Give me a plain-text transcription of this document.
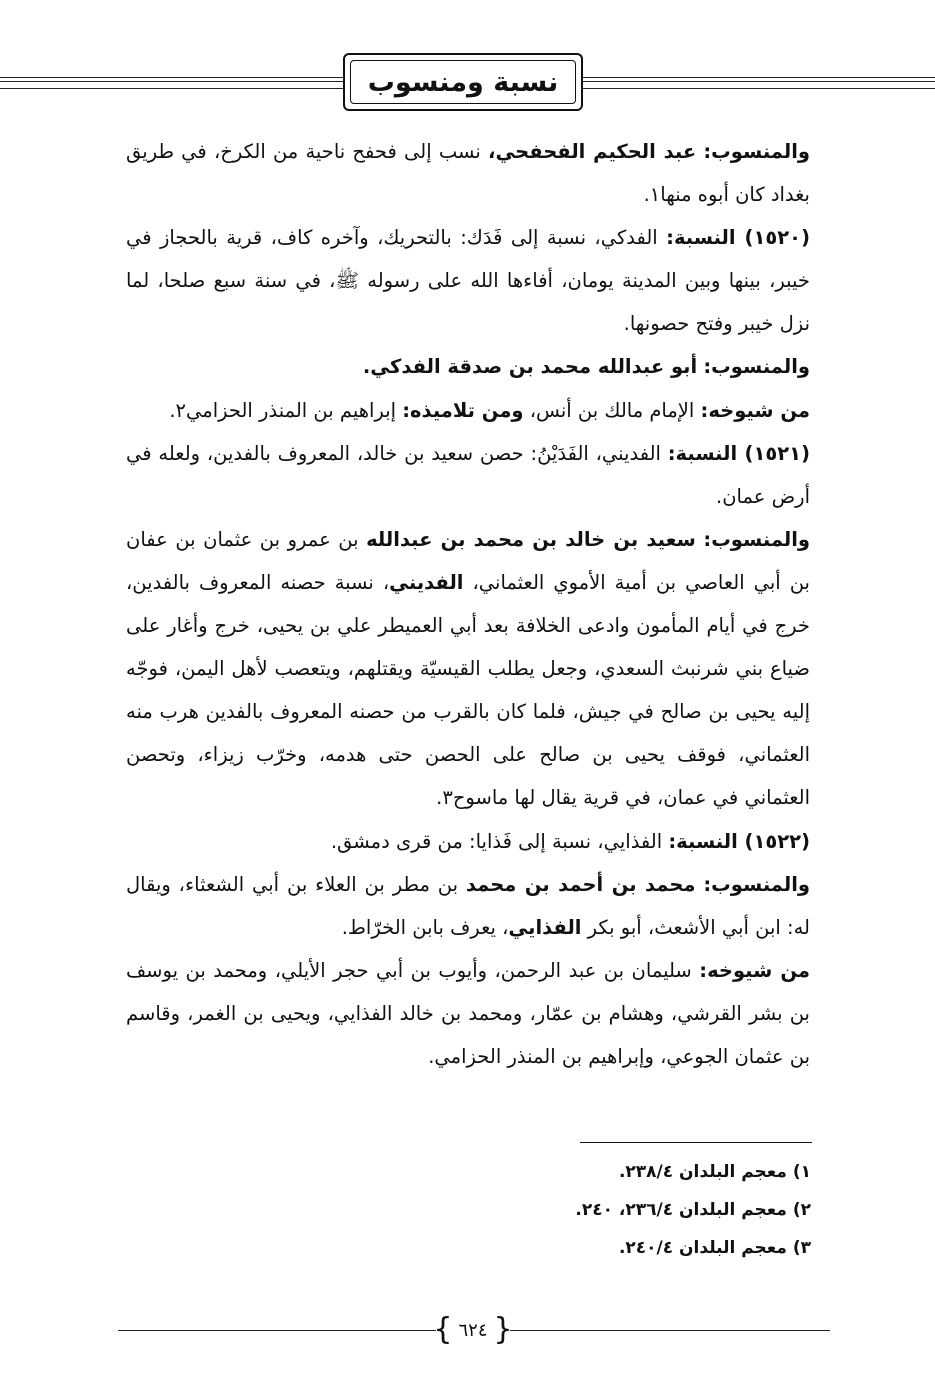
نسبة ومنسوب

والمنسوب: عبد الحكيم الفحفحي، نسب إلى فحفح ناحية من الكرخ، في طريق بغداد كان أبوه منها١.

(١٥٢٠) النسبة: الفدكي، نسبة إلى فَدَك: بالتحريك، وآخره كاف، قرية بالحجاز في خيبر، بينها وبين المدينة يومان، أفاءها الله على رسوله ﷺ، في سنة سبع صلحا، لما نزل خيبر وفتح حصونها.

والمنسوب: أبو عبدالله محمد بن صدقة الفدكي.

من شيوخه: الإمام مالك بن أنس، ومن تلاميذه: إبراهيم بن المنذر الحزامي٢.

(١٥٢١) النسبة: الفديني، الفَدَيْنُ: حصن سعيد بن خالد، المعروف بالفدين، ولعله في أرض عمان.

والمنسوب: سعيد بن خالد بن محمد بن عبدالله بن عمرو بن عثمان بن عفان بن أبي العاصي بن أمية الأموي العثماني، الفديني، نسبة حصنه المعروف بالفدين، خرج في أيام المأمون وادعى الخلافة بعد أبي العميطر علي بن يحيى، خرج وأغار على ضياع بني شرنبث السعدي، وجعل يطلب القيسيّة ويقتلهم، ويتعصب لأهل اليمن، فوجّه إليه يحيى بن صالح في جيش، فلما كان بالقرب من حصنه المعروف بالفدين هرب منه العثماني، فوقف يحيى بن صالح على الحصن حتى هدمه، وخرّب زيزاء، وتحصن العثماني في عمان، في قرية يقال لها ماسوح٣.

(١٥٢٢) النسبة: الفذايي، نسبة إلى فَذايا: من قرى دمشق.

والمنسوب: محمد بن أحمد بن محمد بن مطر بن العلاء بن أبي الشعثاء، ويقال له: ابن أبي الأشعث، أبو بكر الفذايي، يعرف بابن الخرّاط.

من شيوخه: سليمان بن عبد الرحمن، وأيوب بن أبي حجر الأيلي، ومحمد بن يوسف بن بشر القرشي، وهشام بن عمّار، ومحمد بن خالد الفذايي، ويحيى بن الغمر، وقاسم بن عثمان الجوعي، وإبراهيم بن المنذر الحزامي.

١) معجم البلدان ٢٣٨/٤.

٢) معجم البلدان ٢٣٦/٤، ٢٤٠.

٣) معجم البلدان ٢٤٠/٤.

{ ٦٢٤ }
